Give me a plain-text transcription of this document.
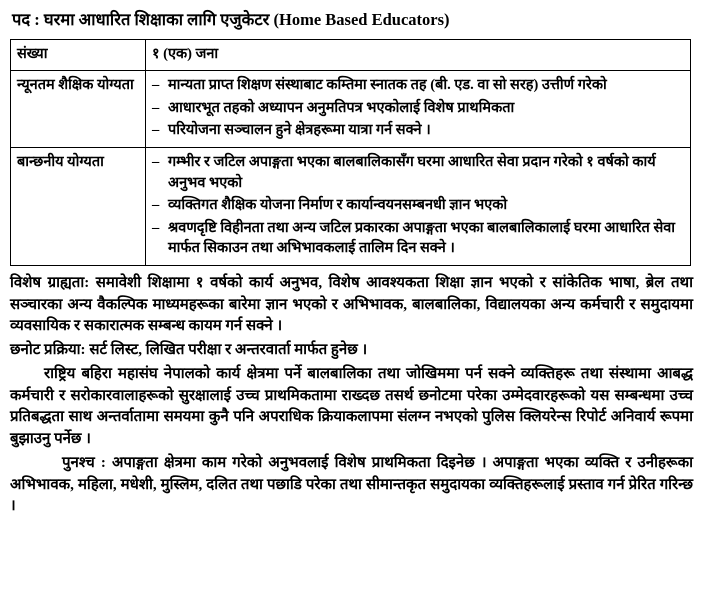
पद : घरमा आधारित शिक्षाका लागि एजुकेटर (Home Based Educators)
संख्या	१ (एक) जना
न्यूनतम शैक्षिक योग्यता	
–मान्यता प्राप्त शिक्षण संस्थाबाट कम्तिमा स्नातक तह (बी. एड. वा सो सरह) उत्तीर्ण गरेको
– आधारभूत तहको अध्यापन अनुमतिपत्र भएकोलाई विशेष प्राथमिकता
– परियोजना सञ्चालन हुने क्षेत्रहरूमा यात्रा गर्न सक्ने ।

बान्छनीय योग्यता	
–गम्भीर र जटिल अपाङ्गता भएका बालबालिकासँग घरमा आधारित सेवा प्रदान गरेको १ वर्षको कार्य अनुभव भएको
– व्यक्तिगत शैक्षिक योजना निर्माण र कार्यान्वयनसम्बनधी ज्ञान भएको
– श्रवणदृष्टि विहीनता तथा अन्य जटिल प्रकारका अपाङ्गता भएका बालबालिकालाई घरमा आधारित सेवा मार्फत सिकाउन तथा अभिभावकलाई तालिम दिन सक्ने ।
विशेष ग्राह्यता: समावेशी शिक्षामा १ वर्षको कार्य अनुभव, विशेष आवश्यकता शिक्षा ज्ञान भएको र सांकेतिक भाषा, ब्रेल तथा सञ्चारका अन्य वैकल्पिक माध्यमहरूका बारेमा ज्ञान भएको र अभिभावक, बालबालिका, विद्यालयका अन्य कर्मचारी र समुदायमा व्यवसायिक र सकारात्मक सम्बन्ध कायम गर्न सक्ने ।
छनोट प्रक्रिया: सर्ट लिस्ट, लिखित परीक्षा र अन्तरवार्ता मार्फत हुनेछ ।
राष्ट्रिय बहिरा महासंघ नेपालको कार्य क्षेत्रमा पर्ने बालबालिका तथा जोखिममा पर्न सक्ने व्यक्तिहरू तथा संस्थामा आबद्ध कर्मचारी र सरोकारवालाहरूको सुरक्षालाई उच्च प्राथमिकतामा राख्दछ तसर्थ छनोटमा परेका उम्मेदवारहरूको यस सम्बन्धमा उच्च प्रतिबद्धता साथ अन्तर्वातामा समयमा कुनै पनि अपराधिक क्रियाकलापमा संलग्न नभएको पुलिस क्लियरेन्स रिपोर्ट अनिवार्य रूपमा बुझाउनु पर्नेछ ।
पुनश्च : अपाङ्गता क्षेत्रमा काम गरेको अनुभवलाई विशेष प्राथमिकता दिइनेछ । अपाङ्गता भएका व्यक्ति र उनीहरूका अभिभावक, महिला, मधेशी, मुस्लिम, दलित तथा पछाडि परेका तथा सीमान्तकृत समुदायका व्यक्तिहरूलाई प्रस्ताव गर्न प्रेरित गरिन्छ ।
